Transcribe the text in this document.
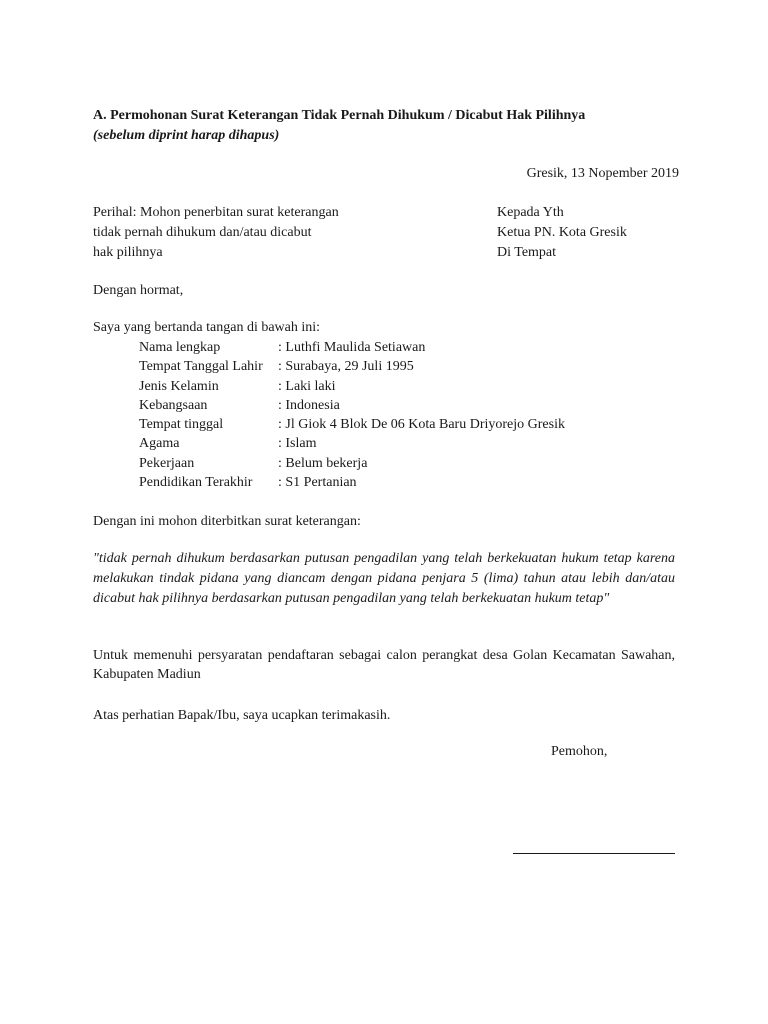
A. Permohonan Surat Keterangan Tidak Pernah Dihukum / Dicabut Hak Pilihnya
(sebelum diprint harap dihapus)
Gresik, 13 Nopember 2019
Perihal: Mohon penerbitan surat keterangan
tidak pernah dihukum dan/atau dicabut
hak pilihnya
Kepada Yth
Ketua PN. Kota Gresik
Di Tempat
Dengan hormat,
Saya yang bertanda tangan di bawah ini:
Nama lengkap	: Luthfi Maulida Setiawan
Tempat Tanggal Lahir	: Surabaya, 29 Juli 1995
Jenis Kelamin	: Laki laki
Kebangsaan	: Indonesia
Tempat tinggal	: Jl Giok 4 Blok De 06 Kota Baru Driyorejo Gresik
Agama	: Islam
Pekerjaan	: Belum bekerja
Pendidikan Terakhir	: S1 Pertanian
Dengan ini mohon diterbitkan surat keterangan:
"tidak pernah dihukum berdasarkan putusan pengadilan yang telah berkekuatan hukum tetap karena melakukan tindak pidana yang diancam dengan pidana penjara 5 (lima) tahun atau lebih dan/atau dicabut hak pilihnya berdasarkan putusan pengadilan yang telah berkekuatan hukum tetap"
Untuk memenuhi persyaratan pendaftaran sebagai calon perangkat desa Golan Kecamatan Sawahan, Kabupaten Madiun
Atas perhatian Bapak/Ibu, saya ucapkan terimakasih.
Pemohon,
